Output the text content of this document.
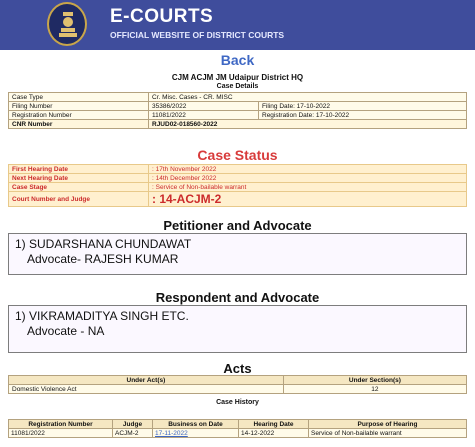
E-COURTS
OFFICIAL WEBSITE OF DISTRICT COURTS
Back
CJM ACJM JM Udaipur District HQ
Case Details
Case Type	Cr. Misc. Cases - CR. MISC	
Filing Number	35386/2022	Filing Date: 17-10-2022
Registration Number	11081/2022	Registration Date: 17-10-2022
CNR Number	RJUD02-018560-2022	
Case Status
First Hearing Date	: 17th November 2022
Next Hearing Date	: 14th December 2022
Case Stage	: Service of Non-bailable warrant
Court Number and Judge	: 14-ACJM-2
Petitioner and Advocate
1) SUDARSHANA CHUNDAWAT
Advocate- RAJESH KUMAR
Respondent and Advocate
1) VIKRAMADITYA SINGH ETC.
Advocate - NA
Acts
Under Act(s)	Under Section(s)
Domestic Violence Act	12
Case History
Registration Number	Judge	Business on Date	Hearing Date	Purpose of Hearing
11081/2022	ACJM-2	17-11-2022	14-12-2022	Service of Non-bailable warrant
